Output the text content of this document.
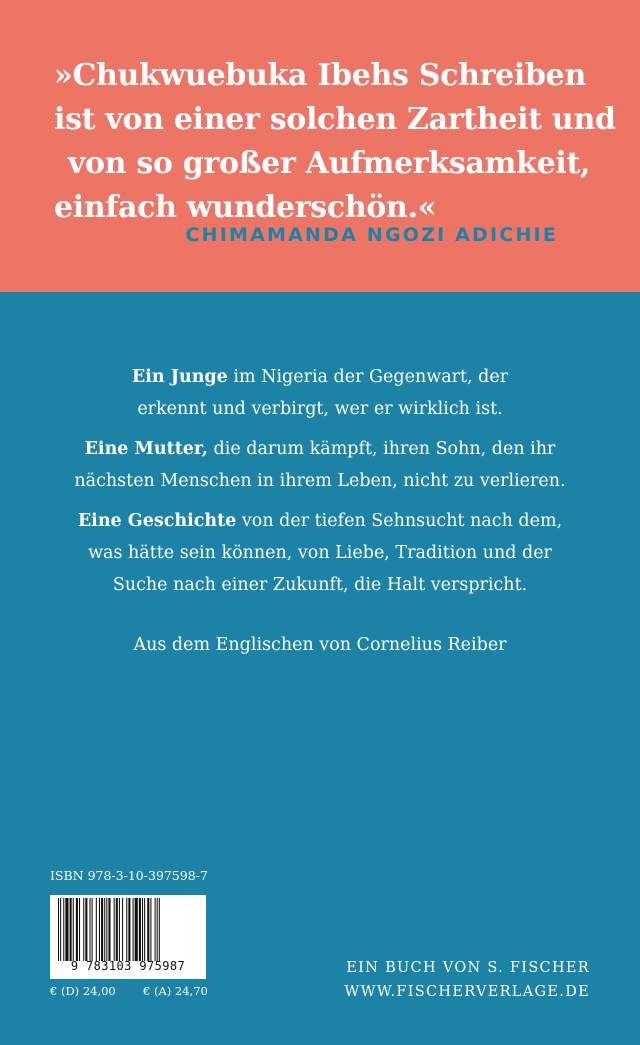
»Chukwuebuka Ibehs Schreiben
ist von einer solchen Zartheit und
von so großer Aufmerksamkeit,
einfach wunderschön.«
CHIMAMANDA NGOZI ADICHIE

Ein Junge im Nigeria der Gegenwart, der
erkennt und verbirgt, wer er wirklich ist.

Eine Mutter, die darum kämpft, ihren Sohn, den ihr
nächsten Menschen in ihrem Leben, nicht zu verlieren.

Eine Geschichte von der tiefen Sehnsucht nach dem,
was hätte sein können, von Liebe, Tradition und der
Suche nach einer Zukunft, die Halt verspricht.

Aus dem Englischen von Cornelius Reiber
ISBN 978-3-10-397598-7
9 783103 975987
€ (D) 24,00 € (A) 24,70
EIN BUCH VON S. FISCHER
WWW.FISCHERVERLAGE.DE
